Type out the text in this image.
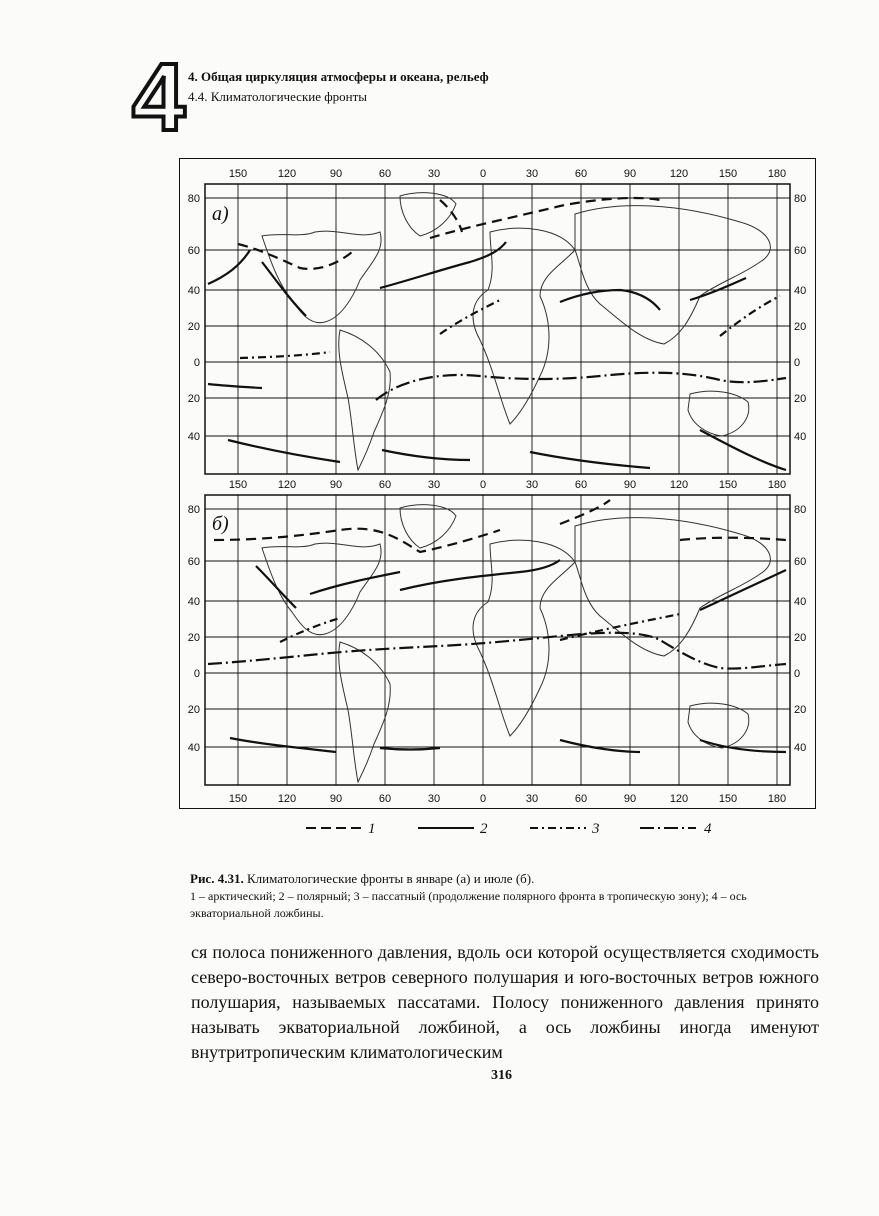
4 4. Общая циркуляция атмосферы и океана, рельеф
4.4. Климатологические фронты
а)
150	120	90	60	30	0	30	60	90	120	150	180
80	80
60	60
40	40
20	20
0	0
20	20
40	40
б)
150	120	90	60	30	0	30	60	90	120	150	180
80	80
60	60
40	40
20	20
0	0
20	20
40	40
150	120	90	60	30	0	30	60	90	120	150	180
1	2	3	4
Рис. 4.31. Климатологические фронты в январе (а) и июле (б).
1 – арктический; 2 – полярный; 3 – пассатный (продолжение полярного фронта в тропическую зону); 4 – ось экваториальной ложбины.
ся полоса пониженного давления, вдоль оси которой осуществляется сходимость северо-восточных ветров северного полушария и юго-восточных ветров южного полушария, называемых пассатами. Полосу пониженного давления принято называть экваториальной ложбиной, а ось ложбины иногда именуют внутритропическим климатологическим
316
